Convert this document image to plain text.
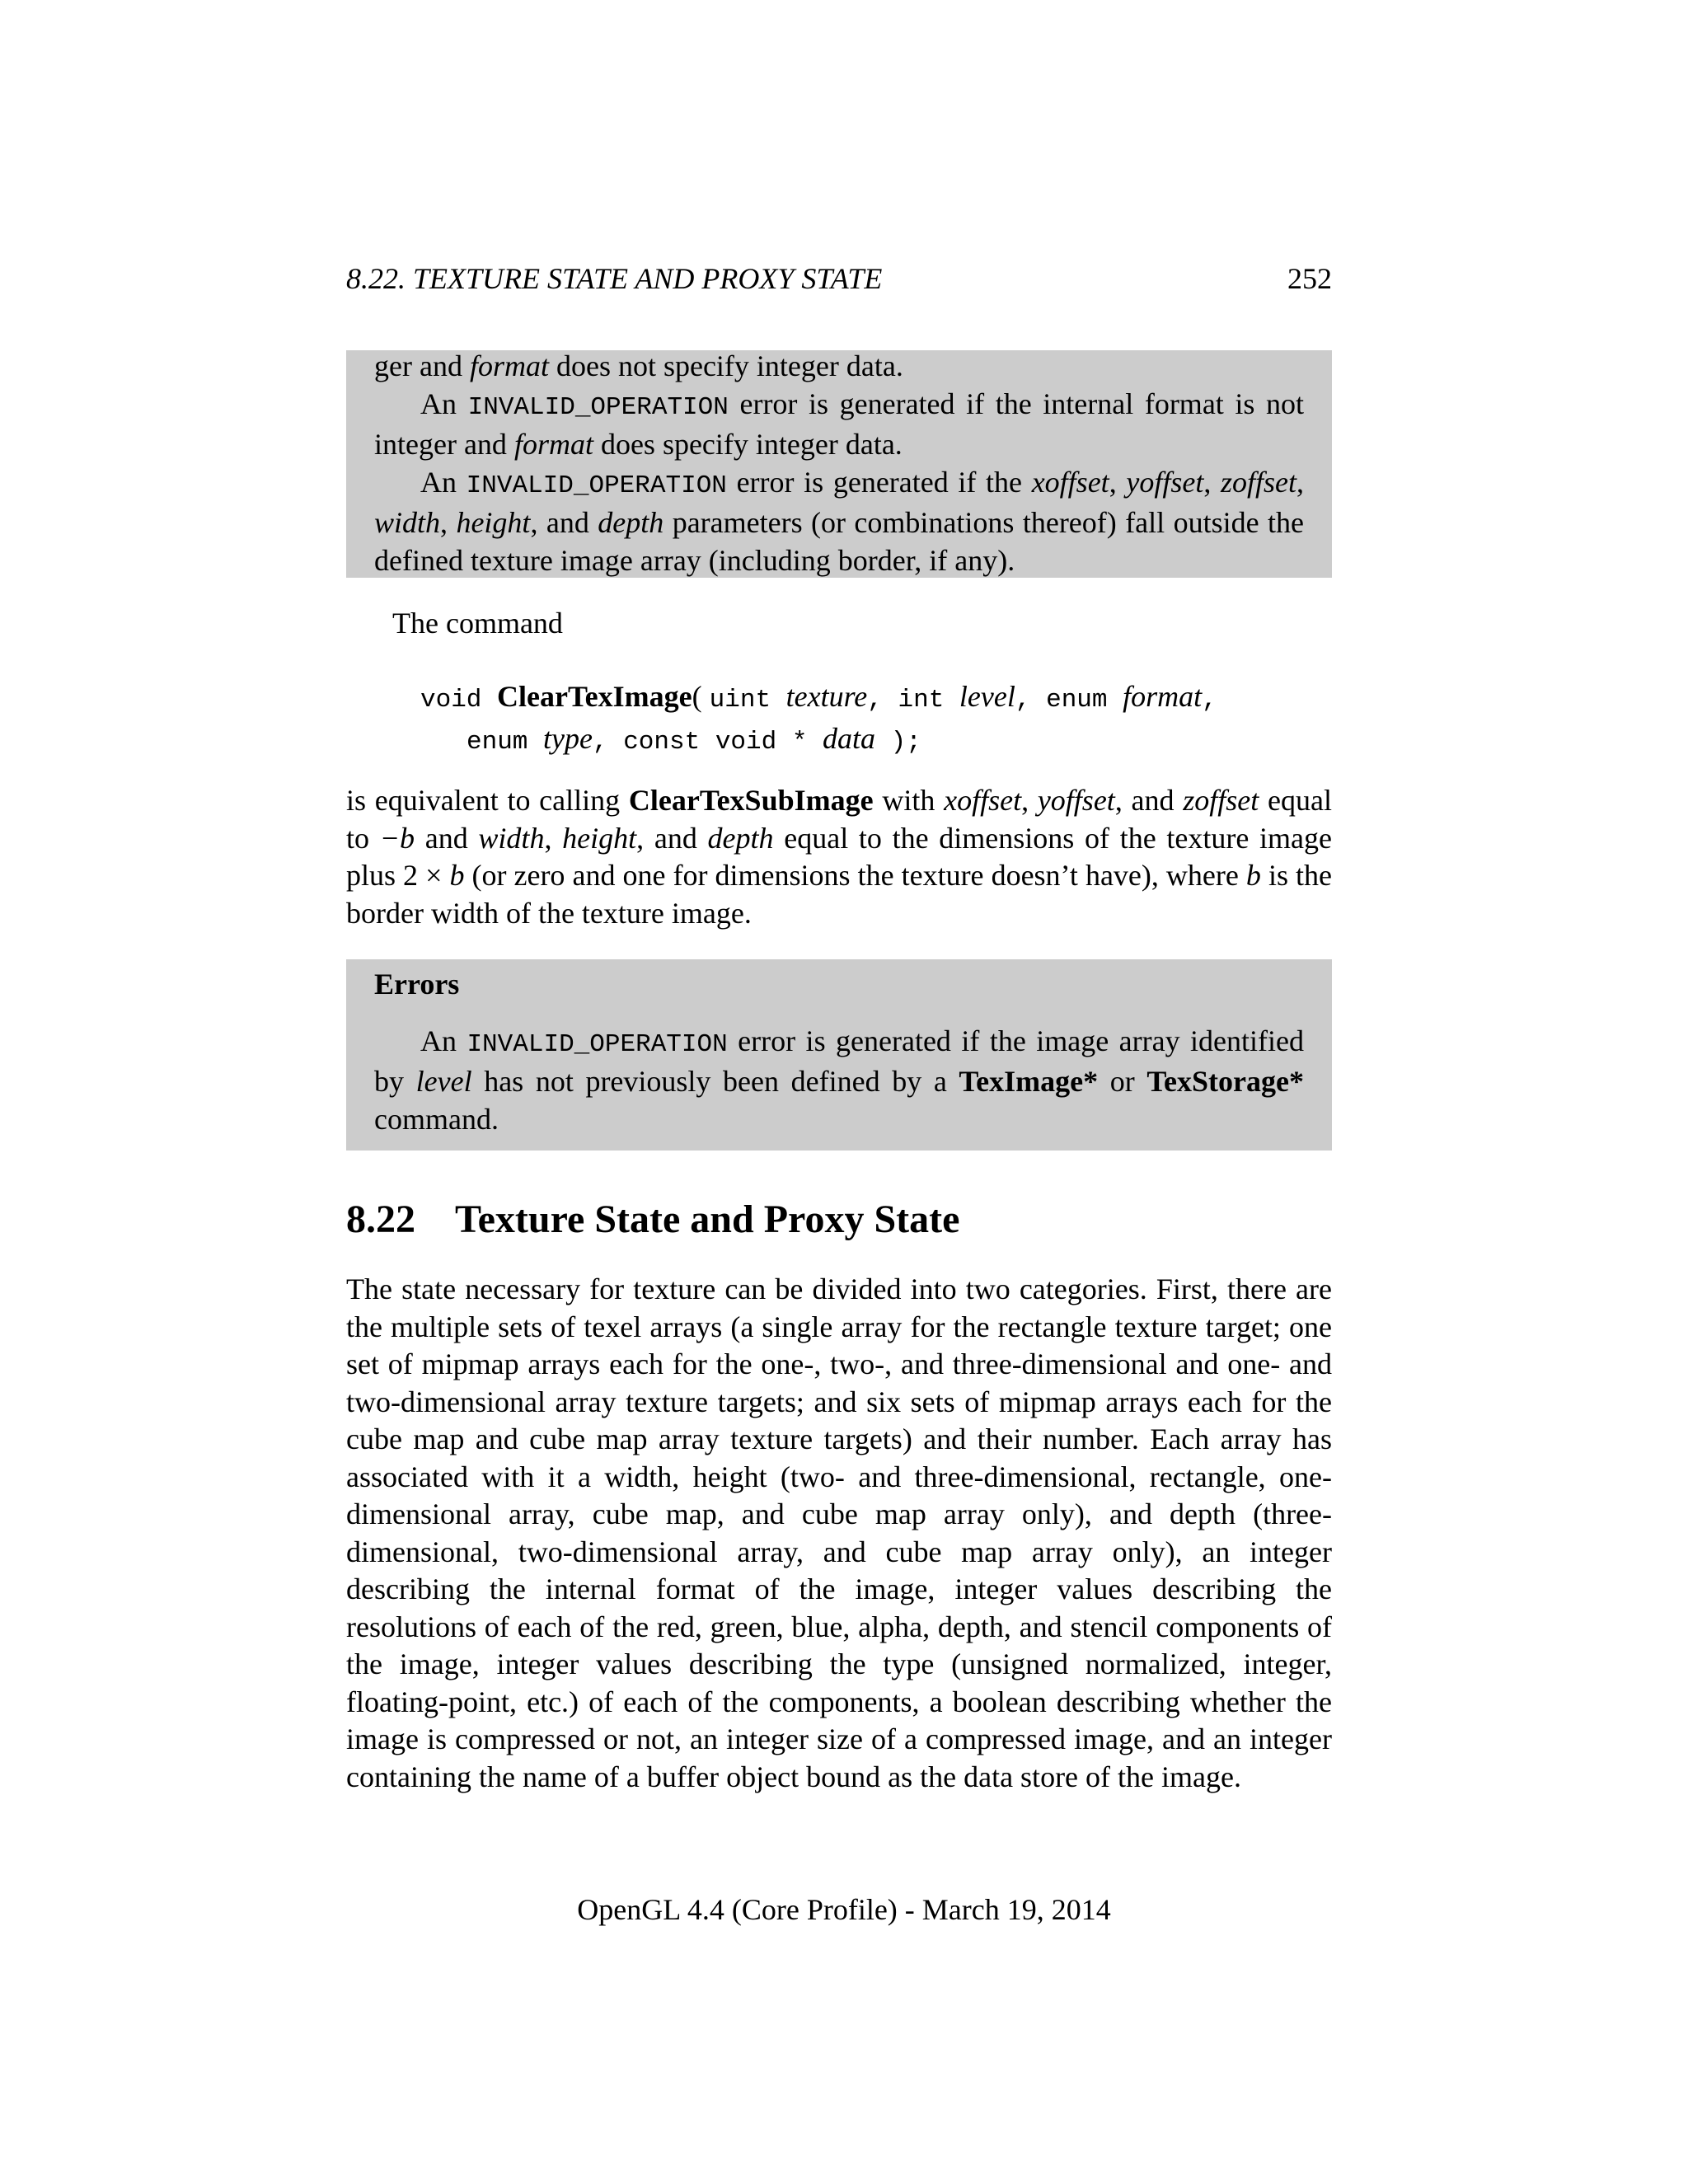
8.22. TEXTURE STATE AND PROXY STATE	252

ger and format does not specify integer data.

An INVALID_OPERATION error is generated if the internal format is not integer and format does specify integer data.

An INVALID_OPERATION error is generated if the xoffset, yoffset, zoffset, width, height, and depth parameters (or combinations thereof) fall outside the defined texture image array (including border, if any).

The command
void ClearTexImage( uint texture, int level, enum format,
enum type, const void * data );
is equivalent to calling ClearTexSubImage with xoffset, yoffset, and zoffset equal to −b and width, height, and depth equal to the dimensions of the texture image plus 2 × b (or zero and one for dimensions the texture doesn’t have), where b is the border width of the texture image.

Errors

An INVALID_OPERATION error is generated if the image array identified by level has not previously been defined by a TexImage* or TexStorage* command.

8.22 Texture State and Proxy State
The state necessary for texture can be divided into two categories. First, there are the multiple sets of texel arrays (a single array for the rectangle texture target; one set of mipmap arrays each for the one-, two-, and three-dimensional and one- and two-dimensional array texture targets; and six sets of mipmap arrays each for the cube map and cube map array texture targets) and their number. Each array has associated with it a width, height (two- and three-dimensional, rectangle, one-dimensional array, cube map, and cube map array only), and depth (three-dimensional, two-dimensional array, and cube map array only), an integer describing the internal format of the image, integer values describing the resolutions of each of the red, green, blue, alpha, depth, and stencil components of the image, integer values describing the type (unsigned normalized, integer, floating-point, etc.) of each of the components, a boolean describing whether the image is compressed or not, an integer size of a compressed image, and an integer containing the name of a buffer object bound as the data store of the image.
OpenGL 4.4 (Core Profile) - March 19, 2014
